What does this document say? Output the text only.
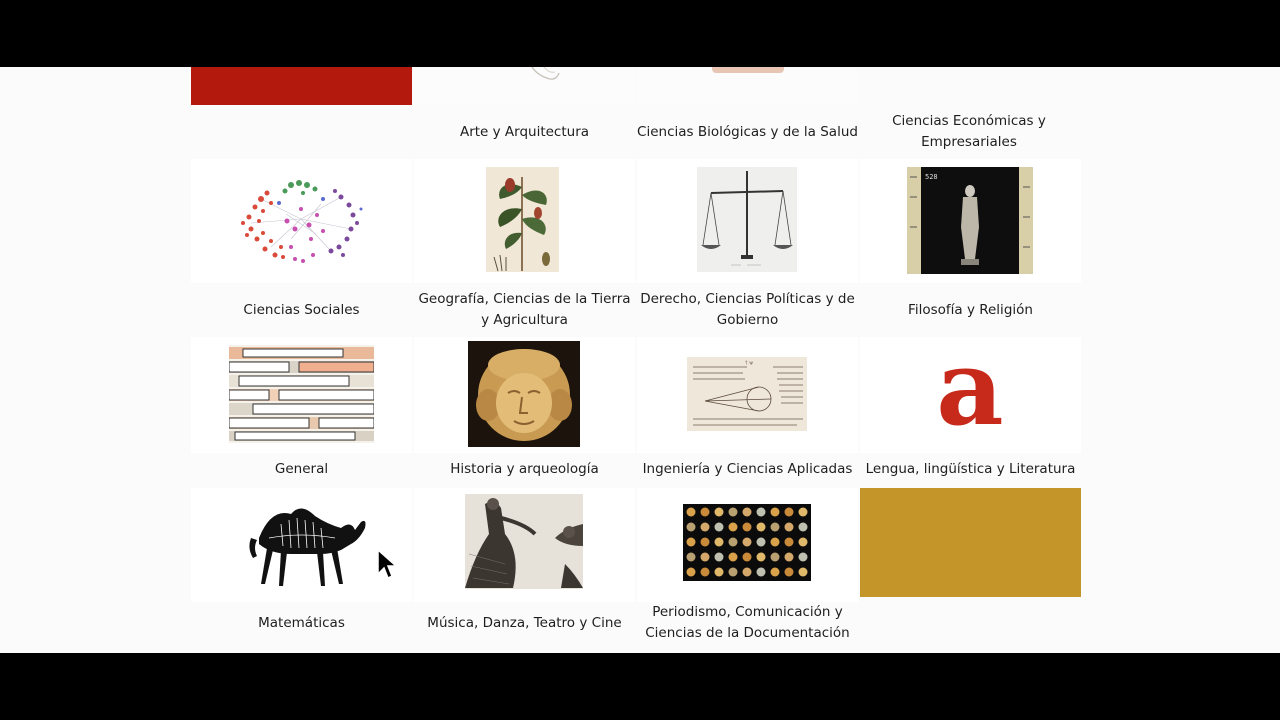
Arte y Arquitectura	Ciencias Biológicas y de la Salud
Ciencias Económicas y Empresariales
528
Ciencias Sociales
Geografía, Ciencias de la Tierra y Agricultura
Derecho, Ciencias Políticas y de Gobierno
Filosofía y Religión
† ψ a
General	Historia y arqueología	Ingeniería y Ciencias Aplicadas Lengua, lingüística y Literatura
Matemáticas	Música, Danza, Teatro y Cine
Periodismo, Comunicación y Ciencias de la Documentación
